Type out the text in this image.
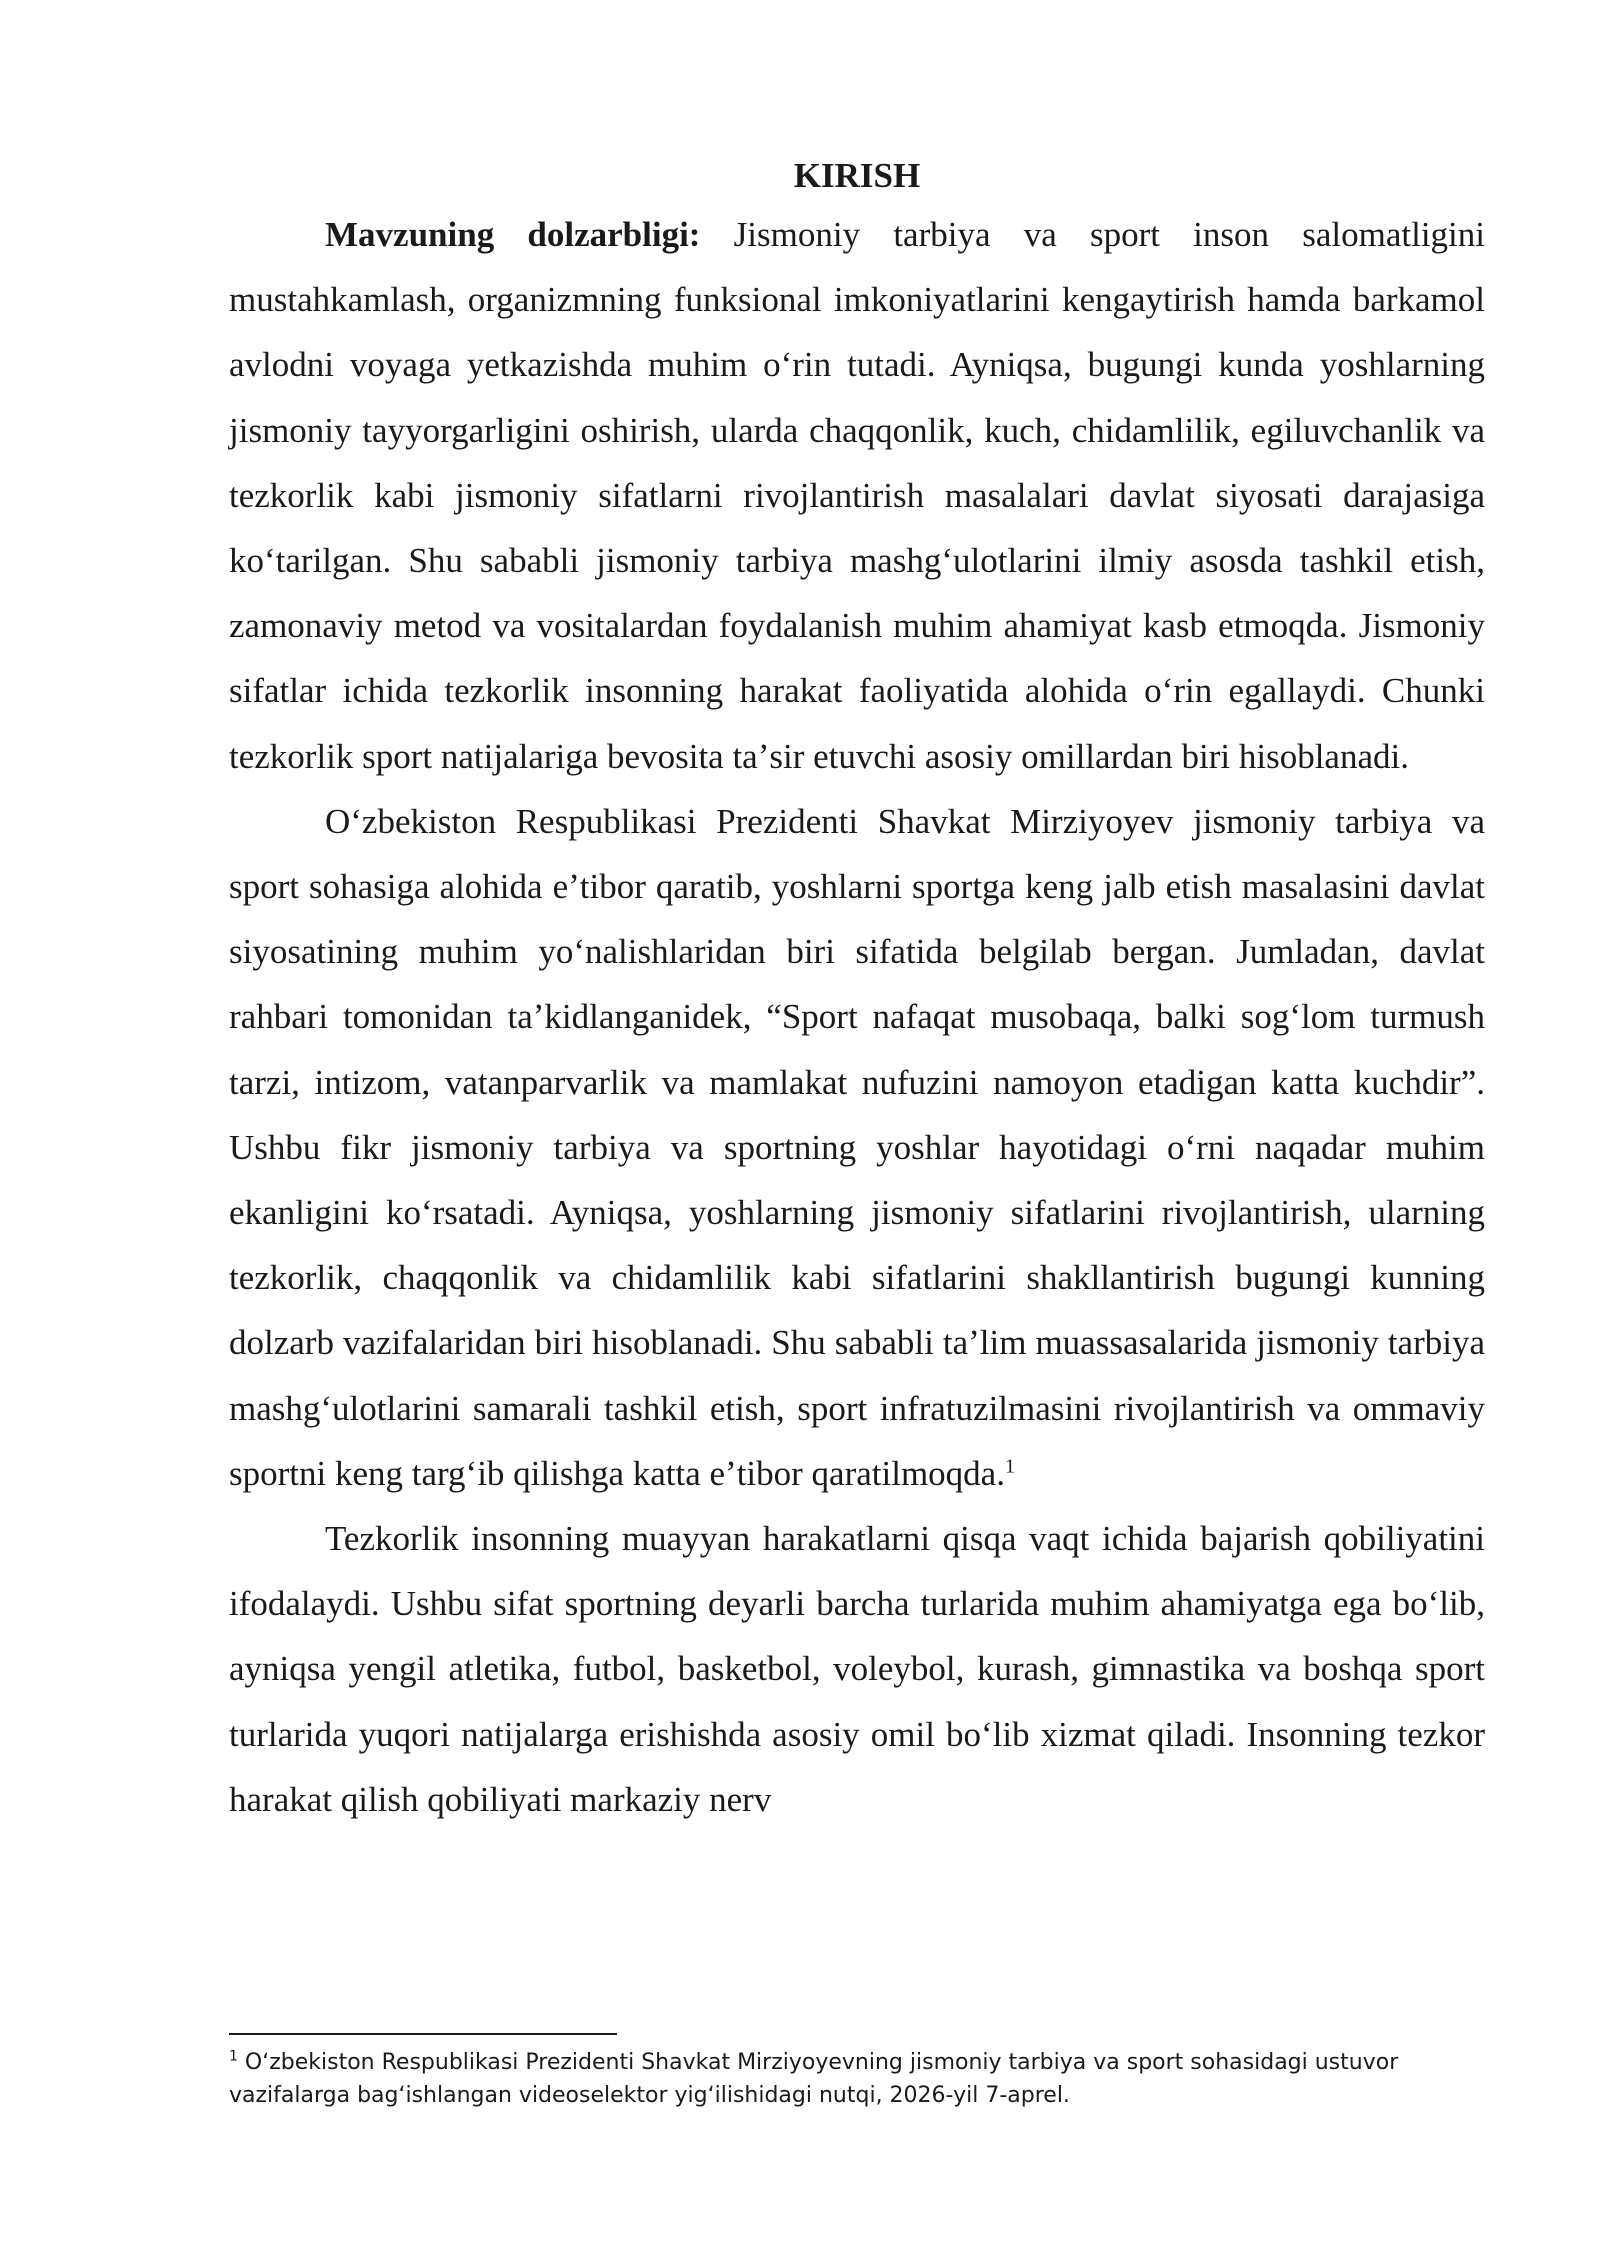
KIRISH

Mavzuning dolzarbligi: Jismoniy tarbiya va sport inson salomatligini mustahkamlash, organizmning funksional imkoniyatlarini kengaytirish hamda barkamol avlodni voyaga yetkazishda muhim oʻrin tutadi. Ayniqsa, bugungi kunda yoshlarning jismoniy tayyorgarligini oshirish, ularda chaqqonlik, kuch, chidamlilik, egiluvchanlik va tezkorlik kabi jismoniy sifatlarni rivojlantirish masalalari davlat siyosati darajasiga koʻtarilgan. Shu sababli jismoniy tarbiya mashgʻulotlarini ilmiy asosda tashkil etish, zamonaviy metod va vositalardan foydalanish muhim ahamiyat kasb etmoqda. Jismoniy sifatlar ichida tezkorlik insonning harakat faoliyatida alohida oʻrin egallaydi. Chunki tezkorlik sport natijalariga bevosita taʼsir etuvchi asosiy omillardan biri hisoblanadi.

Oʻzbekiston Respublikasi Prezidenti Shavkat Mirziyoyev jismoniy tarbiya va sport sohasiga alohida eʼtibor qaratib, yoshlarni sportga keng jalb etish masalasini davlat siyosatining muhim yoʻnalishlaridan biri sifatida belgilab bergan. Jumladan, davlat rahbari tomonidan taʼkidlanganidek, “Sport nafaqat musobaqa, balki sogʻlom turmush tarzi, intizom, vatanparvarlik va mamlakat nufuzini namoyon etadigan katta kuchdir”. Ushbu fikr jismoniy tarbiya va sportning yoshlar hayotidagi oʻrni naqadar muhim ekanligini koʻrsatadi. Ayniqsa, yoshlarning jismoniy sifatlarini rivojlantirish, ularning tezkorlik, chaqqonlik va chidamlilik kabi sifatlarini shakllantirish bugungi kunning dolzarb vazifalaridan biri hisoblanadi. Shu sababli taʼlim muassasalarida jismoniy tarbiya mashgʻulotlarini samarali tashkil etish, sport infratuzilmasini rivojlantirish va ommaviy sportni keng targʻib qilishga katta eʼtibor qaratilmoqda.$^1$

Tezkorlik insonning muayyan harakatlarni qisqa vaqt ichida bajarish qobiliyatini ifodalaydi. Ushbu sifat sportning deyarli barcha turlarida muhim ahamiyatga ega boʻlib, ayniqsa yengil atletika, futbol, basketbol, voleybol, kurash, gimnastika va boshqa sport turlarida yuqori natijalarga erishishda asosiy omil boʻlib xizmat qiladi. Insonning tezkor harakat qilish qobiliyati markaziy nerv

$^1$ Oʻzbekiston Respublikasi Prezidenti Shavkat Mirziyoyevning jismoniy tarbiya va sport sohasidagi ustuvor vazifalarga bagʻishlangan videoselektor yigʻilishidagi nutqi, 2026-yil 7-aprel.
